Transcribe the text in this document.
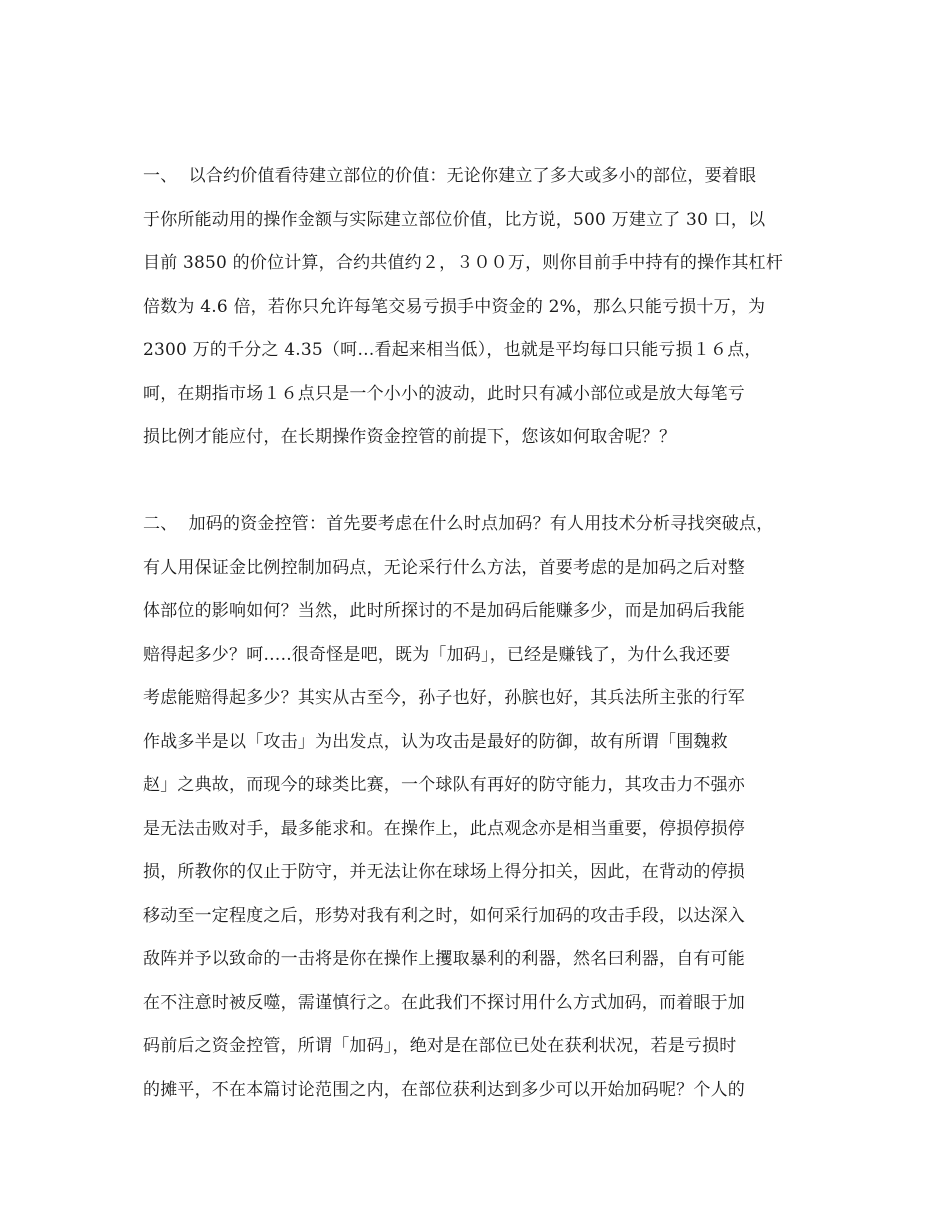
一、  以合约价值看待建立部位的价值：无论你建立了多大或多小的部位，要着眼
于你所能动用的操作金额与实际建立部位价值，比方说，500 万建立了 30 口，以
目前 3850 的价位计算，合约共值约２，３００万，则你目前手中持有的操作其杠杆
倍数为 4.6 倍，若你只允许每笔交易亏损手中资金的 2%，那么只能亏损十万，为
2300 万的千分之 4.35（呵…看起来相当低），也就是平均每口只能亏损１６点，
呵，在期指市场１６点只是一个小小的波动，此时只有减小部位或是放大每笔亏
损比例才能应付，在长期操作资金控管的前提下，您该如何取舍呢？？
二、  加码的资金控管：首先要考虑在什么时点加码？有人用技术分析寻找突破点，
有人用保证金比例控制加码点，无论采行什么方法，首要考虑的是加码之后对整
体部位的影响如何？当然，此时所探讨的不是加码后能赚多少，而是加码后我能
赔得起多少？呵…..很奇怪是吧，既为「加码」，已经是赚钱了，为什么我还要
考虑能赔得起多少？其实从古至今，孙子也好，孙膑也好，其兵法所主张的行军
作战多半是以「攻击」为出发点，认为攻击是最好的防御，故有所谓「围魏救
赵」之典故，而现今的球类比赛，一个球队有再好的防守能力，其攻击力不强亦
是无法击败对手，最多能求和。在操作上，此点观念亦是相当重要，停损停损停
损，所教你的仅止于防守，并无法让你在球场上得分扣关，因此，在背动的停损
移动至一定程度之后，形势对我有利之时，如何采行加码的攻击手段，以达深入
敌阵并予以致命的一击将是你在操作上攫取暴利的利器，然名曰利器，自有可能
在不注意时被反噬，需谨慎行之。在此我们不探讨用什么方式加码，而着眼于加
码前后之资金控管，所谓「加码」，绝对是在部位已处在获利状况，若是亏损时
的摊平，不在本篇讨论范围之内，在部位获利达到多少可以开始加码呢？个人的
